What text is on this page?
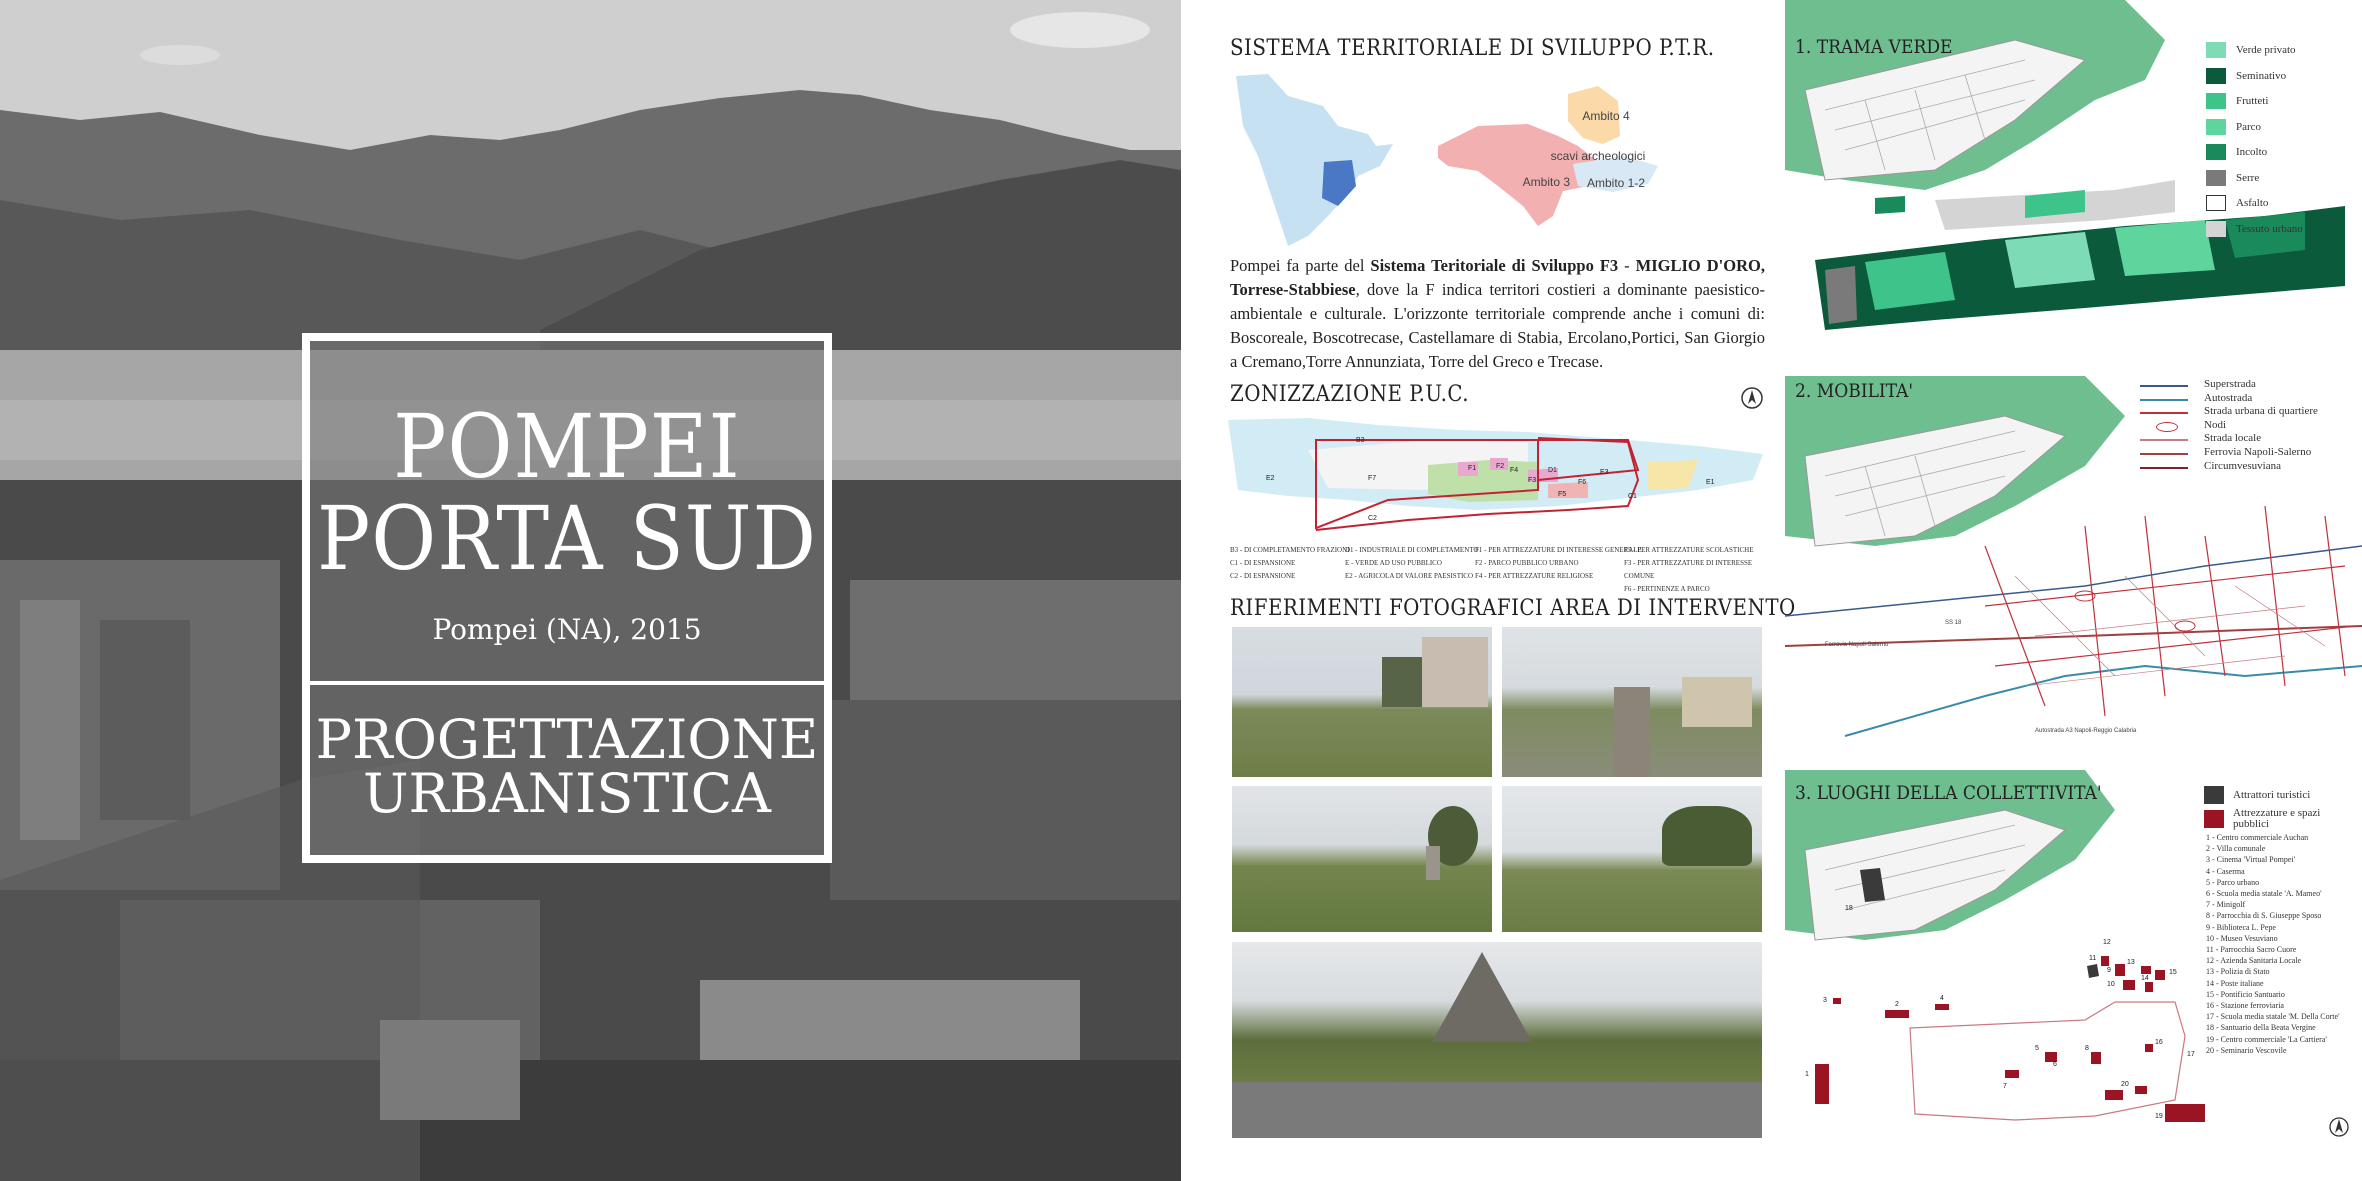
POMPEI
PORTA SUD
Pompei (NA), 2015
PROGETTAZIONE
URBANISTICA
SISTEMA TERRITORIALE DI SVILUPPO P.T.R.
Ambito 4
scavi archeologici
Ambito 3 Ambito 1-2
Pompei fa parte del Sistema Teritoriale di Sviluppo F3 - MIGLIO D'ORO, Torrese-Stabbiese, dove la F indica territori costieri a dominante paesistico-ambientale e culturale. L'orizzonte territoriale comprende anche i comuni di: Boscoreale, Boscotrecase, Castellamare di Stabia, Ercolano,Portici, San Giorgio a Cremano,Torre Annunziata, Torre del Greco e Trecase.
ZONIZZAZIONE P.U.C.
B3
F1	F2
F3
F4
F5
F6
E2
E1
D1
F7
E3
C1
C2
B3 - DI COMPLETAMENTO FRAZIONI
C1 - DI ESPANSIONE
C2 - DI ESPANSIONE
D1 - INDUSTRIALE DI COMPLETAMENTO
E - VERDE AD USO PUBBLICO
E2 - AGRICOLA DI VALORE PAESISTICO
F1 - PER ATTREZZATURE DI INTERESSE GENERALE
F2 - PARCO PUBBLICO URBANO
F4 - PER ATTREZZATURE RELIGIOSE
F5 - PER ATTREZZATURE SCOLASTICHE
F3 - PER ATTREZZATURE DI INTERESSE COMUNE
F6 - PERTINENZE A PARCO
RIFERIMENTI FOTOGRAFICI AREA DI INTERVENTO
1. TRAMA VERDE	Verde privato
Seminativo
Frutteti
Parco
Incolto
Serre
Asfalto
Tessuto urbano
Ferrovia Napoli-Salerno
Autostrada A3 Napoli-Reggio Calabria
SS 18
2. MOBILITA'	Superstrada
Autostrada
Strada urbana di quartiere
Nodi
Strada locale
Ferrovia Napoli-Salerno
Circumvesuviana
1
2
3	4
5
6
7
8
9
10
11
12
13
14
15
16
17
18
19
20
3. LUOGHI DELLA COLLETTIVITA'	Attrattori turistici
Attrezzature e spazi pubblici
1 - Centro commerciale Auchan
2 - Villa comunale
3 - Cinema 'Virtual Pompei'
4 - Caserma
5 - Parco urbano
6 - Scuola media statale 'A. Mameo'
7 - Minigolf
8 - Parrocchia di S. Giuseppe Sposo
9 - Biblioteca L. Pepe
10 - Museo Vesuviano
11 - Parrocchia Sacro Cuore
12 - Azienda Sanitaria Locale
13 - Polizia di Stato
14 - Poste italiane
15 - Pontificio Santuario
16 - Stazione ferroviaria
17 - Scuola media statale 'M. Della Corte'
18 - Santuario della Beata Vergine
19 - Centro commerciale 'La Cartiera'
20 - Seminario Vescovile
